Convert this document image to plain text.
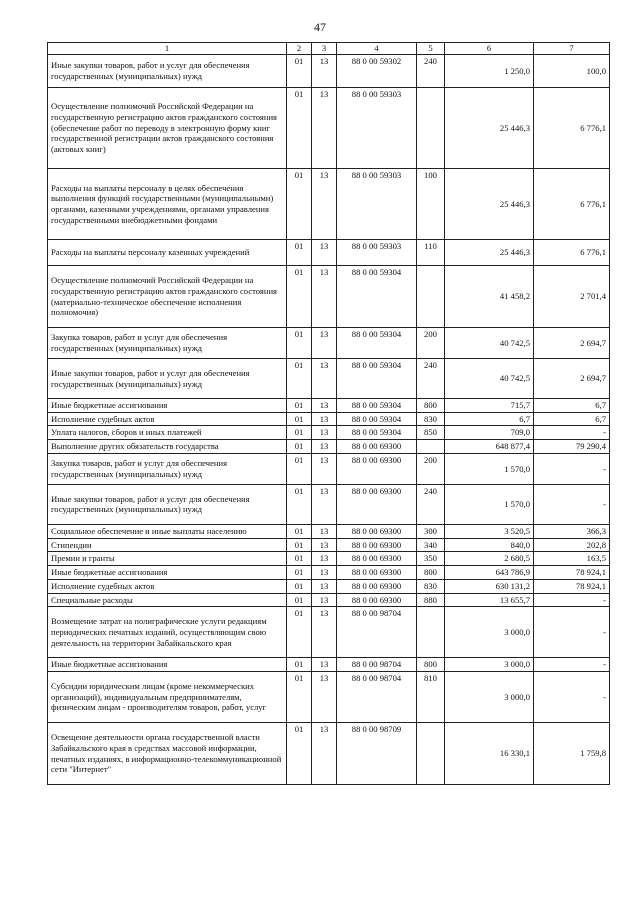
47
1	2	3	4	5	6	7
Иные закупки товаров, работ и услуг для обеспечения государственных (муниципальных) нужд	01	13	88 0 00 59302	240	1 250,0	100,0
Осуществление полномочий Российской Федерации на государственную регистрацию актов гражданского состояния (обеспечение работ по переводу в электронную форму книг государственной регистрации актов гражданского состояния (актовых книг)	01	13	88 0 00 59303		25 446,3	6 776,1
Расходы на выплаты персоналу в целях обеспечения выполнения функций государственными (муниципальными) органами, казенными учреждениями, органами управления государственными внебюджетными фондами	01	13	88 0 00 59303	100	25 446,3	6 776,1
Расходы на выплаты персоналу казенных учреждений	01	13	88 0 00 59303	110	25 446,3	6 776,1
Осуществление полномочий Российской Федерации на государственную регистрацию актов гражданского состояния (материально-техническое обеспечение исполнения полномочия)	01	13	88 0 00 59304		41 458,2	2 701,4
Закупка товаров, работ и услуг для обеспечения государственных (муниципальных) нужд	01	13	88 0 00 59304	200	40 742,5	2 694,7
Иные закупки товаров, работ и услуг для обеспечения государственных (муниципальных) нужд	01	13	88 0 00 59304	240	40 742,5	2 694,7
Иные бюджетные ассигнования	01	13	88 0 00 59304	800	715,7	6,7
Исполнение судебных актов	01	13	88 0 00 59304	830	6,7	6,7
Уплата налогов, сборов и иных платежей	01	13	88 0 00 59304	850	709,0	-
Выполнение других обязательств государства	01	13	88 0 00 69300		648 877,4	79 290,4
Закупка товаров, работ и услуг для обеспечения государственных (муниципальных) нужд	01	13	88 0 00 69300	200	1 570,0	-
Иные закупки товаров, работ и услуг для обеспечения государственных (муниципальных) нужд	01	13	88 0 00 69300	240	1 570,0	-
Социальное обеспечение и иные выплаты населению	01	13	88 0 00 69300	300	3 520,5	366,3
Стипендии	01	13	88 0 00 69300	340	840,0	202,8
Премии и гранты	01	13	88 0 00 69300	350	2 680,5	163,5
Иные бюджетные ассигнования	01	13	88 0 00 69300	800	643 786,9	78 924,1
Исполнение судебных актов	01	13	88 0 00 69300	830	630 131,2	78 924,1
Специальные расходы	01	13	88 0 00 69300	880	13 655,7	-
Возмещение затрат на полиграфические услуги редакциям периодических печатных изданий, осуществляющим свою деятельность на территории Забайкальского края	01	13	88 0 00 98704		3 000,0	-
Иные бюджетные ассигнования	01	13	88 0 00 98704	800	3 000,0	-
Субсидии юридическим лицам (кроме некоммерческих организаций), индивидуальным предпринимателям, физическим лицам - производителям товаров, работ, услуг	01	13	88 0 00 98704	810	3 000,0	-
Освещение деятельности органа государственной власти Забайкальского края в средствах массовой информации, печатных изданиях, в информационно-телекоммуникационной сети "Интернет"	01	13	88 0 00 98709		16 330,1	1 759,8
